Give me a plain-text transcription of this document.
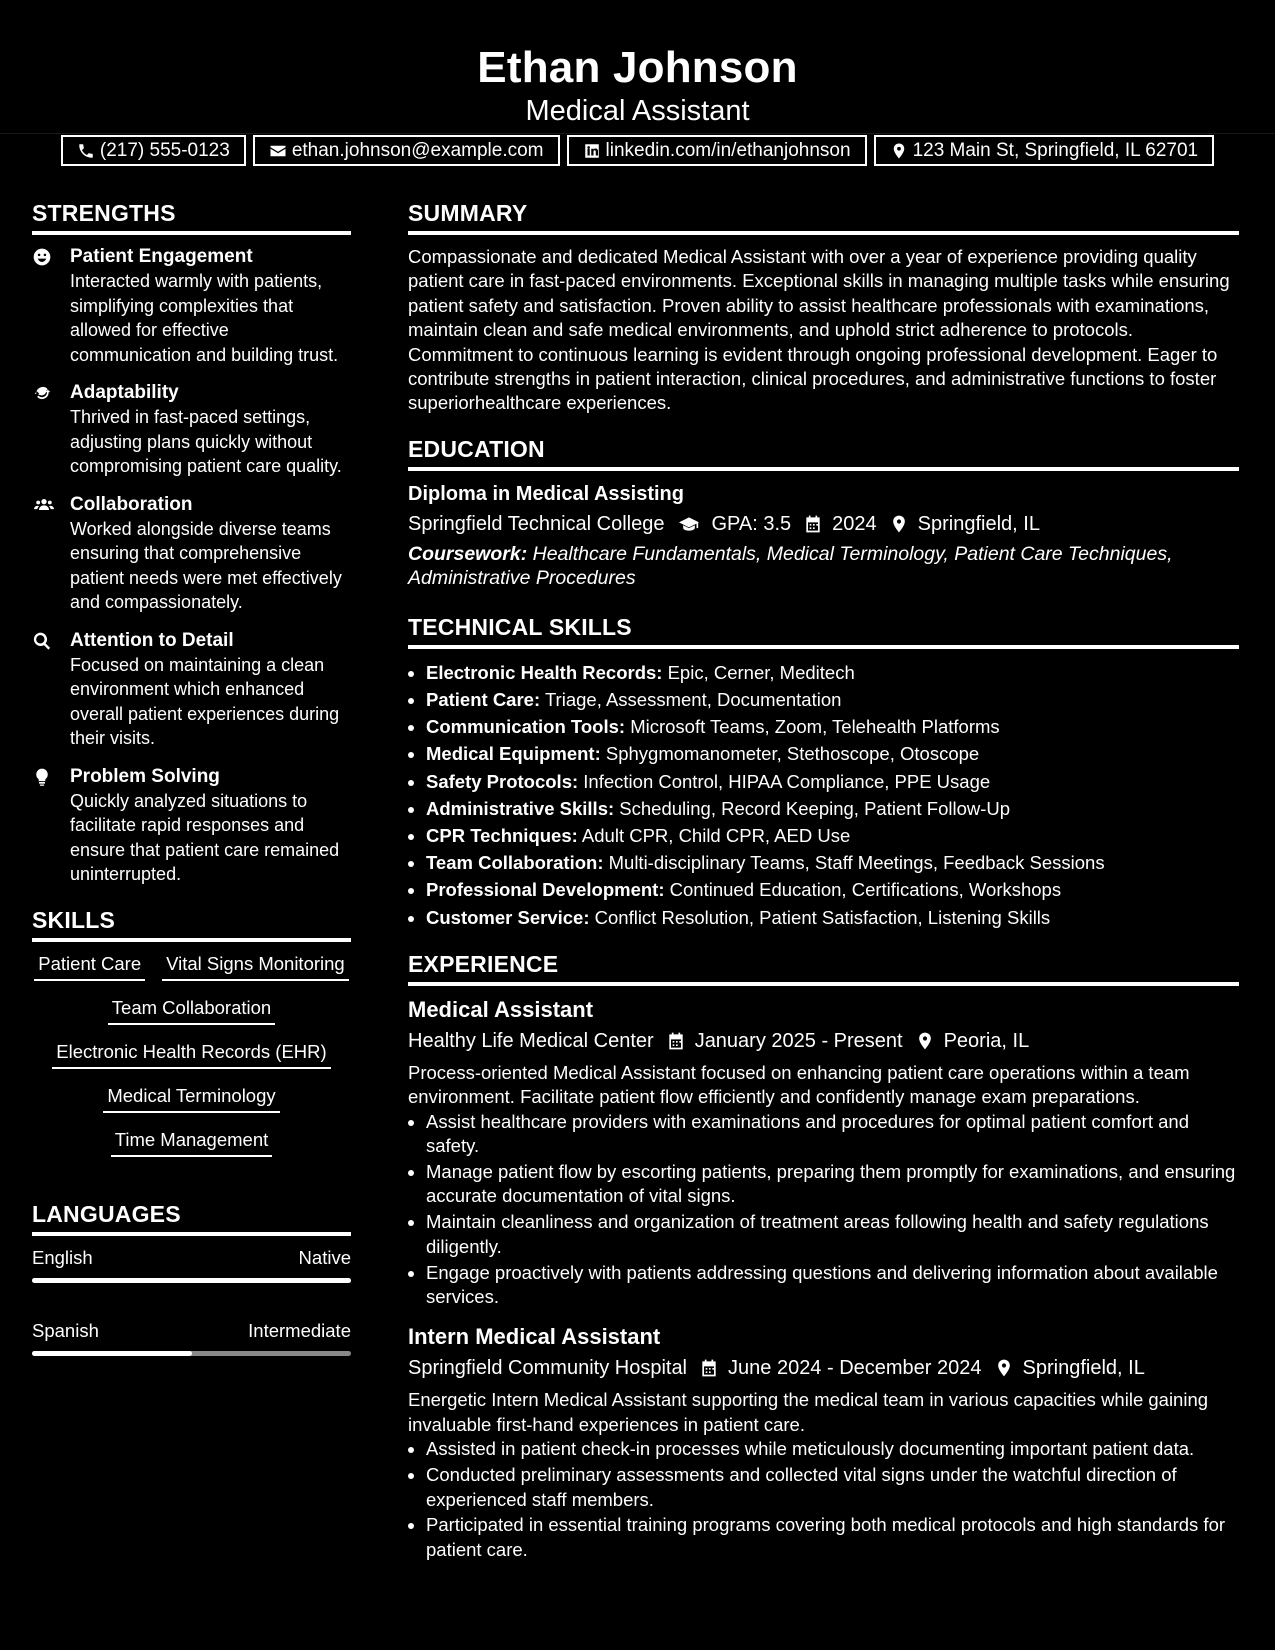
Ethan Johnson
Medical Assistant
(217) 555-0123	ethan.johnson@example.com	linkedin.com/in/ethanjohnson	123 Main St, Springfield, IL 62701
STRENGTHS
Patient Engagement
Interacted warmly with patients, simplifying complexities that allowed for effective communication and building trust.
Adaptability
Thrived in fast-paced settings, adjusting plans quickly without compromising patient care quality.
Collaboration
Worked alongside diverse teams ensuring that comprehensive patient needs were met effectively and compassionately.
Attention to Detail
Focused on maintaining a clean environment which enhanced overall patient experiences during their visits.
Problem Solving
Quickly analyzed situations to facilitate rapid responses and ensure that patient care remained uninterrupted.
SKILLS
Patient Care Vital Signs Monitoring
Team Collaboration
Electronic Health Records (EHR)
Medical Terminology
Time Management
LANGUAGES
English	Native
Spanish	Intermediate
SUMMARY
Compassionate and dedicated Medical Assistant with over a year of experience providing quality patient care in fast-paced environments. Exceptional skills in managing multiple tasks while ensuring patient safety and satisfaction. Proven ability to assist healthcare professionals with examinations, maintain clean and safe medical environments, and uphold strict adherence to protocols. Commitment to continuous learning is evident through ongoing professional development. Eager to contribute strengths in patient interaction, clinical procedures, and administrative functions to foster superiorhealthcare experiences.
EDUCATION
Diploma in Medical Assisting
Springfield Technical College GPA: 3.5 2024 Springfield, IL
Coursework: Healthcare Fundamentals, Medical Terminology, Patient Care Techniques, Administrative Procedures
TECHNICAL SKILLS
• Electronic Health Records: Epic, Cerner, Meditech
• Patient Care: Triage, Assessment, Documentation
• Communication Tools: Microsoft Teams, Zoom, Telehealth Platforms
• Medical Equipment: Sphygmomanometer, Stethoscope, Otoscope
• Safety Protocols: Infection Control, HIPAA Compliance, PPE Usage
• Administrative Skills: Scheduling, Record Keeping, Patient Follow-Up
• CPR Techniques: Adult CPR, Child CPR, AED Use
• Team Collaboration: Multi-disciplinary Teams, Staff Meetings, Feedback Sessions
• Professional Development: Continued Education, Certifications, Workshops
• Customer Service: Conflict Resolution, Patient Satisfaction, Listening Skills
EXPERIENCE
Medical Assistant
Healthy Life Medical Center January 2025 - Present Peoria, IL
Process-oriented Medical Assistant focused on enhancing patient care operations within a team environment. Facilitate patient flow efficiently and confidently manage exam preparations.
• Assist healthcare providers with examinations and procedures for optimal patient comfort and safety.
• Manage patient flow by escorting patients, preparing them promptly for examinations, and ensuring accurate documentation of vital signs.
• Maintain cleanliness and organization of treatment areas following health and safety regulations diligently.
• Engage proactively with patients addressing questions and delivering information about available services.
Intern Medical Assistant
Springfield Community Hospital June 2024 - December 2024 Springfield, IL
Energetic Intern Medical Assistant supporting the medical team in various capacities while gaining invaluable first-hand experiences in patient care.
• Assisted in patient check-in processes while meticulously documenting important patient data.
• Conducted preliminary assessments and collected vital signs under the watchful direction of experienced staff members.
• Participated in essential training programs covering both medical protocols and high standards for patient care.
